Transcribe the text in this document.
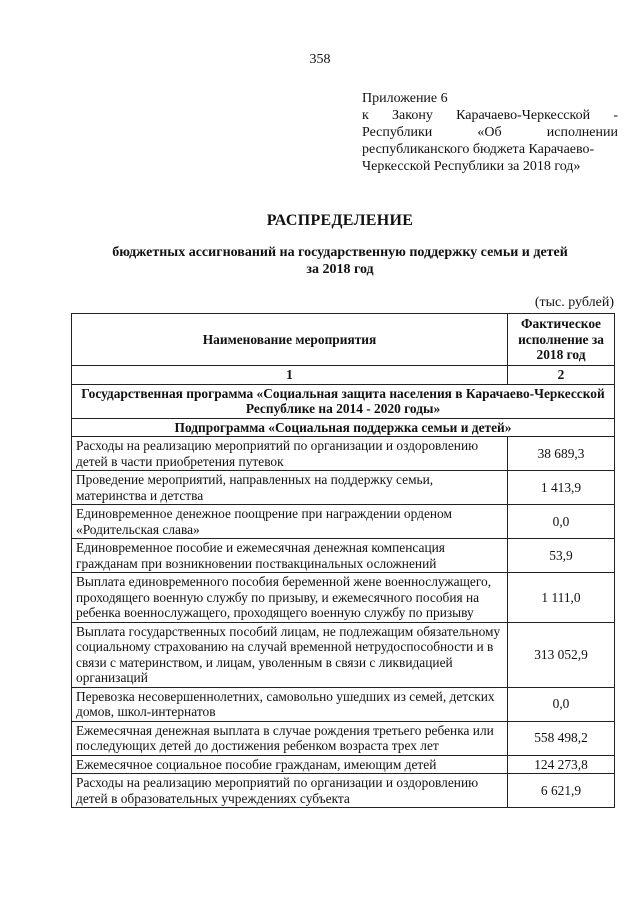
358
Приложение 6
к Закону Карачаево-Черкесской -
Республики «Об исполнении
республиканского бюджета Карачаево-
Черкесской Республики за 2018 год»
РАСПРЕДЕЛЕНИЕ
бюджетных ассигнований на государственную поддержку семьи и детей
за 2018 год
(тыс. рублей)
Наименование мероприятия	Фактическое исполнение за 2018 год
1	2
Государственная программа «Социальная защита населения в Карачаево-Черкесской Республике на 2014 - 2020 годы»	
Подпрограмма «Социальная поддержка семьи и детей»	
Расходы на реализацию мероприятий по организации и оздоровлению детей в части приобретения путевок	38 689,3
Проведение мероприятий, направленных на поддержку семьи, материнства и детства	1 413,9
Единовременное денежное поощрение при награждении орденом «Родительская слава»	0,0
Единовременное пособие и ежемесячная денежная компенсация гражданам при возникновении поствакцинальных осложнений	53,9
Выплата единовременного пособия беременной жене военнослужащего, проходящего военную службу по призыву, и ежемесячного пособия на ребенка военнослужащего, проходящего военную службу по призыву	1 111,0
Выплата государственных пособий лицам, не подлежащим обязательному социальному страхованию на случай временной нетрудоспособности и в связи с материнством, и лицам, уволенным в связи с ликвидацией организаций	313 052,9
Перевозка несовершеннолетних, самовольно ушедших из семей, детских домов, школ-интернатов	0,0
Ежемесячная денежная выплата в случае рождения третьего ребенка или последующих детей до достижения ребенком возраста трех лет	558 498,2
Ежемесячное социальное пособие гражданам, имеющим детей	124 273,8
Расходы на реализацию мероприятий по организации и оздоровлению детей в образовательных учреждениях субъекта	6 621,9
